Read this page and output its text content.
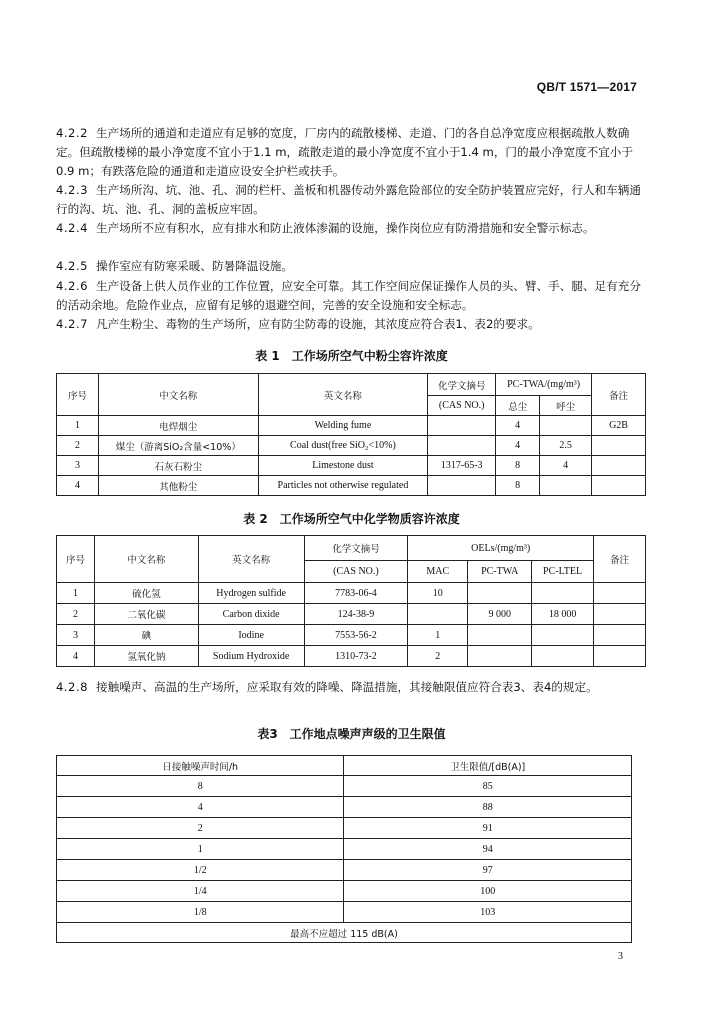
QB/T 1571—2017
4.2.2 生产场所的通道和走道应有足够的宽度，厂房内的疏散楼梯、走道、门的各自总净宽度应根据疏散人数确定。但疏散楼梯的最小净宽度不宜小于1.1 m，疏散走道的最小净宽度不宜小于1.4 m，门的最小净宽度不宜小于0.9 m；有跌落危险的通道和走道应设安全护栏或扶手。
4.2.3 生产场所沟、坑、池、孔、洞的栏杆、盖板和机器传动外露危险部位的安全防护装置应完好，行人和车辆通行的沟、坑、池、孔、洞的盖板应牢固。
4.2.4 生产场所不应有积水，应有排水和防止液体渗漏的设施，操作岗位应有防滑措施和安全警示标志。
4.2.5 操作室应有防寒采暖、防暑降温设施。
4.2.6 生产设备上供人员作业的工作位置，应安全可靠。其工作空间应保证操作人员的头、臂、手、腿、足有充分的活动余地。危险作业点，应留有足够的退避空间，完善的安全设施和安全标志。
4.2.7 凡产生粉尘、毒物的生产场所，应有防尘防毒的设施，其浓度应符合表1、表2的要求。
表 1　工作场所空气中粉尘容许浓度
序号	中文名称	英文名称	化学文摘号	PC-TWA/(mg/m³)		备注
			(CAS NO.)	总尘	呼尘	
1	电焊烟尘	Welding fume		4		G2B
2	煤尘（游离SiO₂含量<10%）	Coal dust(free SiO₂<10%)		4	2.5	
3	石灰石粉尘	Limestone dust	1317-65-3	8	4	
4	其他粉尘	Particles not otherwise regulated		8		
表 2　工作场所空气中化学物质容许浓度
序号	中文名称	英文名称	化学文摘号	OELs/(mg/m³)			备注
			(CAS NO.)	MAC	PC-TWA	PC-LTEL	
1	硫化氢	Hydrogen sulfide	7783-06-4	10			
2	二氧化碳	Carbon dixide	124-38-9		9 000	18 000	
3	碘	Iodine	7553-56-2	1			
4	氢氧化钠	Sodium Hydroxide	1310-73-2	2			
4.2.8 接触噪声、高温的生产场所，应采取有效的降噪、降温措施，其接触限值应符合表3、表4的规定。
表3　工作地点噪声声级的卫生限值
日接触噪声时间/h	卫生限值/[dB(A)]
8	85
4	88
2	91
1	94
1/2	97
1/4	100
1/8	103
最高不应超过 115 dB(A)	
3
